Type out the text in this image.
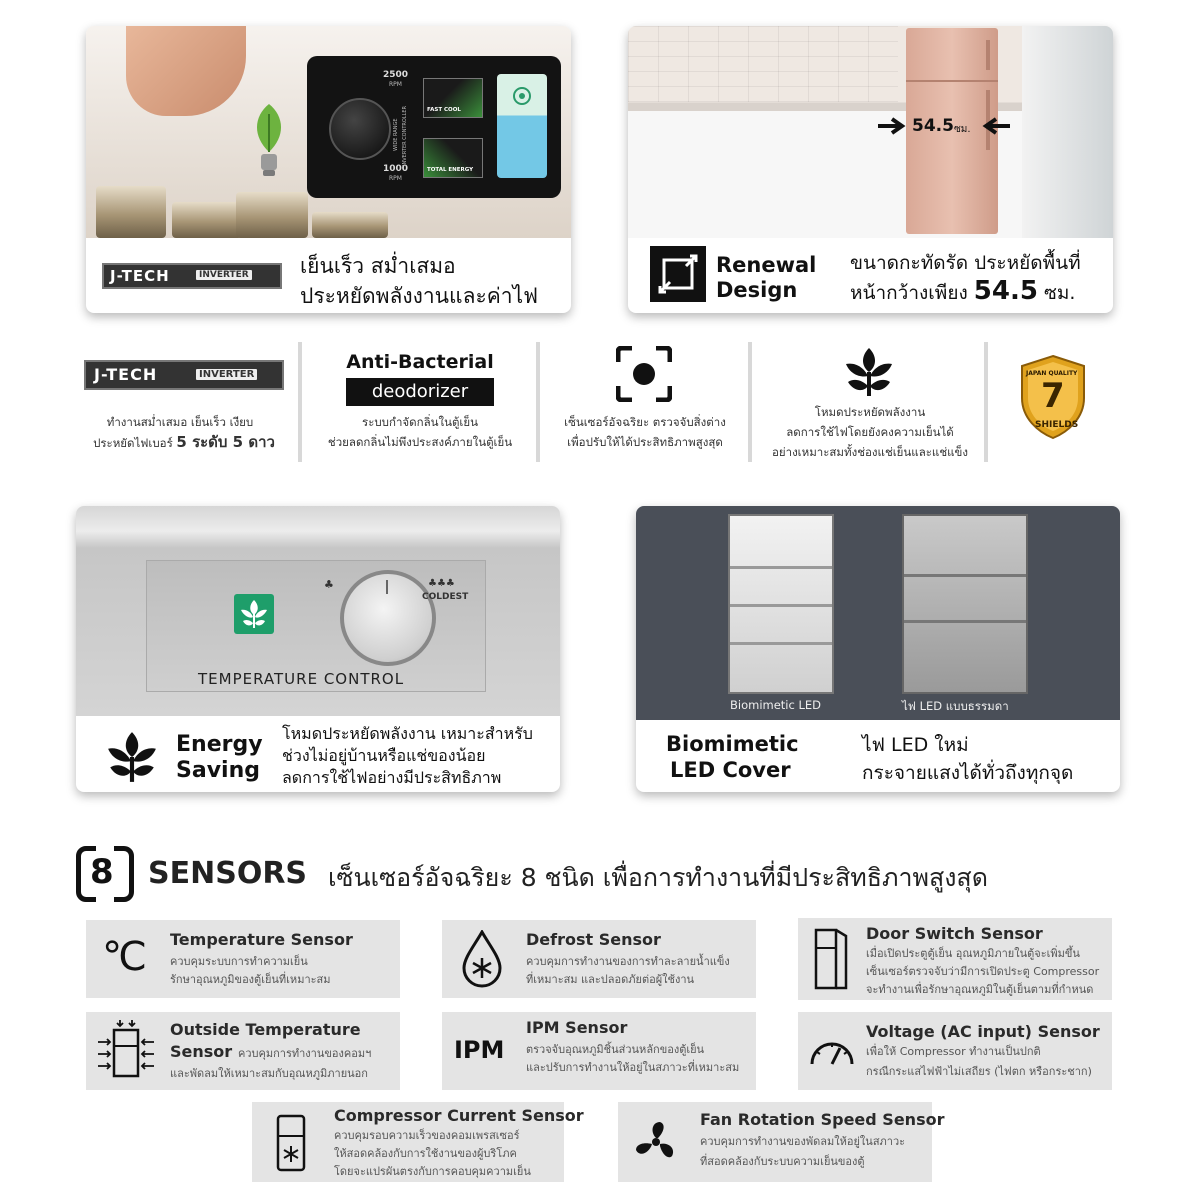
2500
RPM
1000
RPM
WIDE RANGE INVERTER CONTROLLER	FAST COOL
TOTAL ENERGY
J-TECH	INVERTER เย็นเร็ว สม่ำเสมอ
ประหยัดพลังงานและค่าไฟ
54.5 ซม.
Renewal
Design
ขนาดกะทัดรัด ประหยัดพื้นที่
หน้ากว้างเพียง 54.5 ซม.
J-TECH	INVERTER
ทำงานสม่ำเสมอ เย็นเร็ว เงียบ
ประหยัดไฟเบอร์ 5 ระดับ 5 ดาว
Anti-Bacterial
deodorizer
ระบบกำจัดกลิ่นในตู้เย็น
ช่วยลดกลิ่นไม่พึงประสงค์ภายในตู้เย็น
เซ็นเซอร์อัจฉริยะ ตรวจจับสิ่งต่าง
เพื่อปรับให้ได้ประสิทธิภาพสูงสุด
โหมดประหยัดพลังงาน
ลดการใช้ไฟโดยยังคงความเย็นได้
อย่างเหมาะสมทั้งช่องแช่เย็นและแช่แข็ง
JAPAN QUALITY
7
SHIELDS
♣	♣♣♣
COLDEST
TEMPERATURE CONTROL
Energy
Saving
โหมดประหยัดพลังงาน เหมาะสำหรับ
ช่วงไม่อยู่บ้านหรือแช่ของน้อย
ลดการใช้ไฟอย่างมีประสิทธิภาพ
Biomimetic LED	ไฟ LED แบบธรรมดา
Biomimetic
LED Cover
ไฟ LED ใหม่
กระจายแสงได้ทั่วถึงทุกจุด
8 SENSORS เซ็นเซอร์อัจฉริยะ 8 ชนิด เพื่อการทำงานที่มีประสิทธิภาพสูงสุด
℃ Temperature Sensor
ควบคุมระบบการทำความเย็น
รักษาอุณหภูมิของตู้เย็นที่เหมาะสม
Defrost Sensor
ควบคุมการทำงานของการทำละลายน้ำแข็ง
ที่เหมาะสม และปลอดภัยต่อผู้ใช้งาน
Door Switch Sensor
เมื่อเปิดประตูตู้เย็น อุณหภูมิภายในตู้จะเพิ่มขึ้น
เซ็นเซอร์ตรวจจับว่ามีการเปิดประตู Compressor
จะทำงานเพื่อรักษาอุณหภูมิในตู้เย็นตามที่กำหนด
Outside Temperature
Sensor ควบคุมการทำงานของคอมฯ
และพัดลมให้เหมาะสมกับอุณหภูมิภายนอก
IPM
IPM Sensor
ตรวจจับอุณหภูมิชิ้นส่วนหลักของตู้เย็น
และปรับการทำงานให้อยู่ในสภาวะที่เหมาะสม
Voltage (AC input) Sensor
เพื่อให้ Compressor ทำงานเป็นปกติ
กรณีกระแสไฟฟ้าไม่เสถียร (ไฟตก หรือกระชาก)
Compressor Current Sensor
ควบคุมรอบความเร็วของคอมเพรสเซอร์
ให้สอดคล้องกับการใช้งานของผู้บริโภค
โดยจะแปรผันตรงกับการคอบคุมความเย็น
Fan Rotation Speed Sensor
ควบคุมการทำงานของพัดลมให้อยู่ในสภาวะ
ที่สอดคล้องกับระบบความเย็นของตู้
